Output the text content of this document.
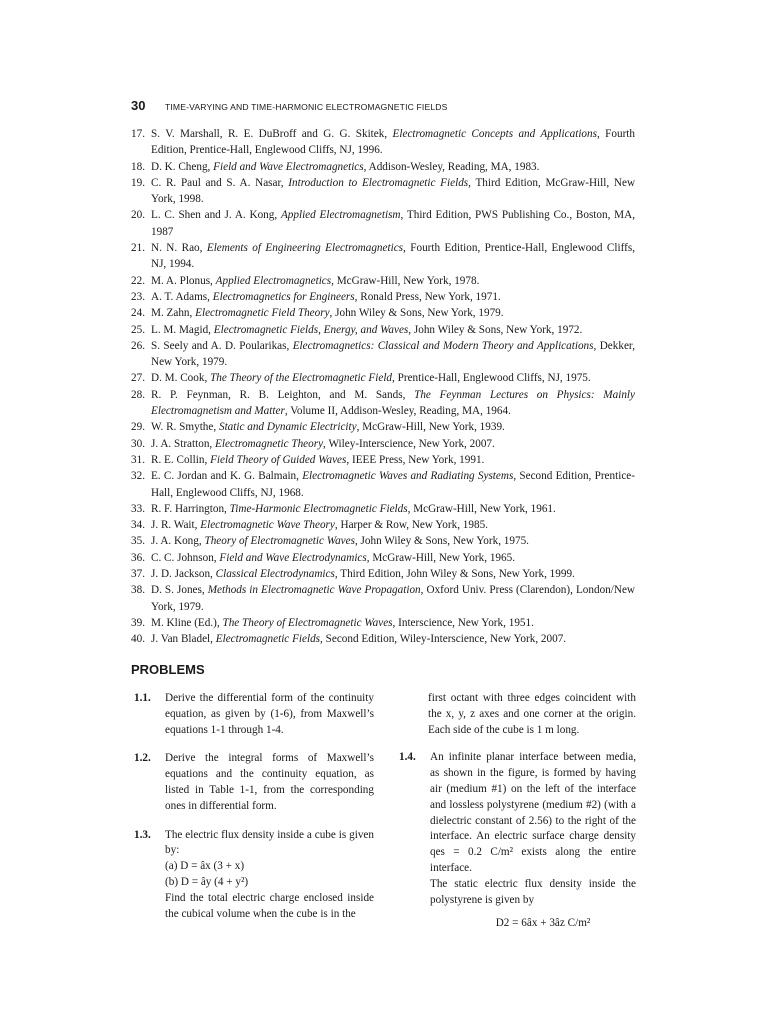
30	TIME-VARYING AND TIME-HARMONIC ELECTROMAGNETIC FIELDS
17. S. V. Marshall, R. E. DuBroff and G. G. Skitek, Electromagnetic Concepts and Applications, Fourth Edition, Prentice-Hall, Englewood Cliffs, NJ, 1996.
18. D. K. Cheng, Field and Wave Electromagnetics, Addison-Wesley, Reading, MA, 1983.
19. C. R. Paul and S. A. Nasar, Introduction to Electromagnetic Fields, Third Edition, McGraw-Hill, New York, 1998.
20. L. C. Shen and J. A. Kong, Applied Electromagnetism, Third Edition, PWS Publishing Co., Boston, MA, 1987
21. N. N. Rao, Elements of Engineering Electromagnetics, Fourth Edition, Prentice-Hall, Englewood Cliffs, NJ, 1994.
22. M. A. Plonus, Applied Electromagnetics, McGraw-Hill, New York, 1978.
23. A. T. Adams, Electromagnetics for Engineers, Ronald Press, New York, 1971.
24. M. Zahn, Electromagnetic Field Theory, John Wiley & Sons, New York, 1979.
25. L. M. Magid, Electromagnetic Fields, Energy, and Waves, John Wiley & Sons, New York, 1972.
26. S. Seely and A. D. Poularikas, Electromagnetics: Classical and Modern Theory and Applications, Dekker, New York, 1979.
27. D. M. Cook, The Theory of the Electromagnetic Field, Prentice-Hall, Englewood Cliffs, NJ, 1975.
28. R. P. Feynman, R. B. Leighton, and M. Sands, The Feynman Lectures on Physics: Mainly Electromagnetism and Matter, Volume II, Addison-Wesley, Reading, MA, 1964.
29. W. R. Smythe, Static and Dynamic Electricity, McGraw-Hill, New York, 1939.
30. J. A. Stratton, Electromagnetic Theory, Wiley-Interscience, New York, 2007.
31. R. E. Collin, Field Theory of Guided Waves, IEEE Press, New York, 1991.
32. E. C. Jordan and K. G. Balmain, Electromagnetic Waves and Radiating Systems, Second Edition, Prentice-Hall, Englewood Cliffs, NJ, 1968.
33. R. F. Harrington, Time-Harmonic Electromagnetic Fields, McGraw-Hill, New York, 1961.
34. J. R. Wait, Electromagnetic Wave Theory, Harper & Row, New York, 1985.
35. J. A. Kong, Theory of Electromagnetic Waves, John Wiley & Sons, New York, 1975.
36. C. C. Johnson, Field and Wave Electrodynamics, McGraw-Hill, New York, 1965.
37. J. D. Jackson, Classical Electrodynamics, Third Edition, John Wiley & Sons, New York, 1999.
38. D. S. Jones, Methods in Electromagnetic Wave Propagation, Oxford Univ. Press (Clarendon), London/New York, 1979.
39. M. Kline (Ed.), The Theory of Electromagnetic Waves, Interscience, New York, 1951.
40. J. Van Bladel, Electromagnetic Fields, Second Edition, Wiley-Interscience, New York, 2007.
PROBLEMS
1.1. Derive the differential form of the continuity equation, as given by (1-6), from Maxwell’s equations 1-1 through 1-4.
1.2. Derive the integral forms of Maxwell’s equations and the continuity equation, as listed in Table 1-1, from the corresponding ones in differential form.
1.3. The electric flux density inside a cube is given by:
(a) D = âx (3 + x)
(b) D = ây (4 + y²)
Find the total electric charge enclosed inside the cubical volume when the cube is in the
first octant with three edges coincident with the x, y, z axes and one corner at the origin. Each side of the cube is 1 m long.
1.4. An infinite planar interface between media, as shown in the figure, is formed by having air (medium #1) on the left of the interface and lossless polystyrene (medium #2) (with a dielectric constant of 2.56) to the right of the interface. An electric surface charge density qes = 0.2 C/m² exists along the entire interface.
The static electric flux density inside the polystyrene is given by
D2 = 6âx + 3âz C/m²
